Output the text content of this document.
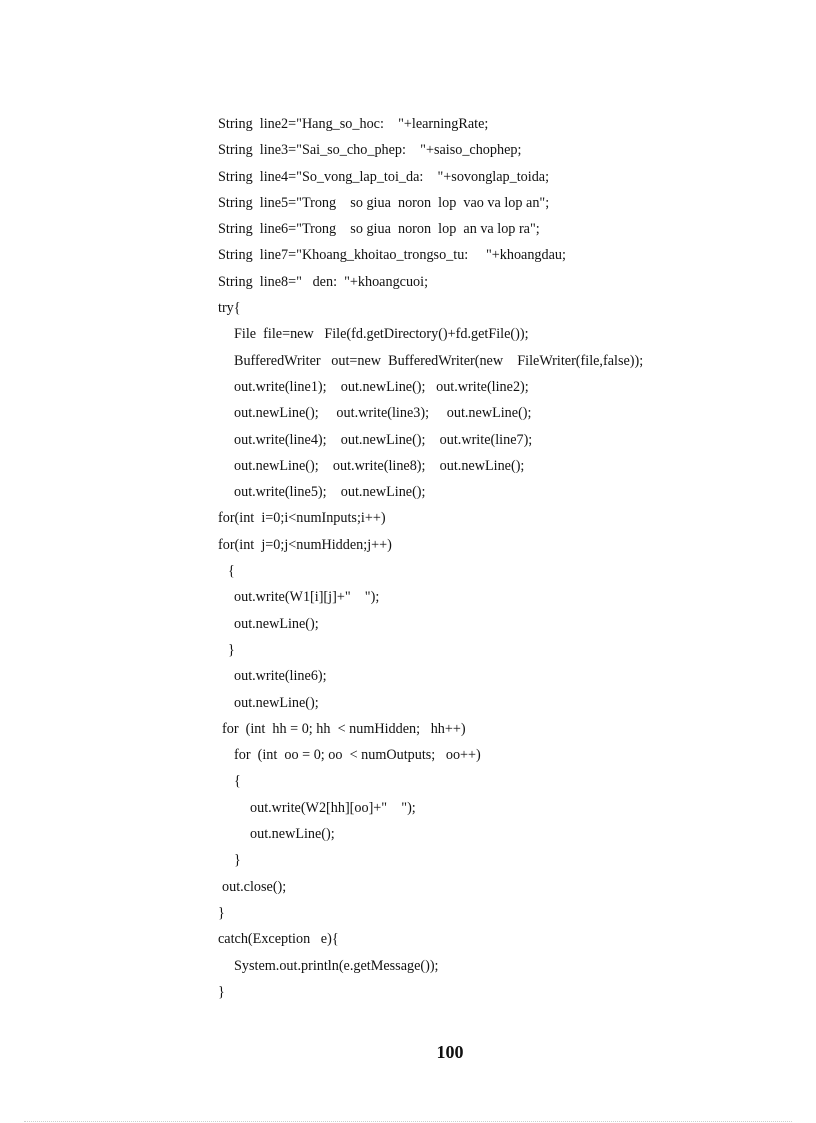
String  line2="Hang_so_hoc:    "+learningRate;
String  line3="Sai_so_cho_phep:    "+saiso_chophep;
String  line4="So_vong_lap_toi_da:    "+sovonglap_toida;
String  line5="Trong    so giua  noron  lop  vao va lop an";
String  line6="Trong    so giua  noron  lop  an va lop ra";
String  line7="Khoang_khoitao_trongso_tu:     "+khoangdau;
String  line8="   den:  "+khoangcuoi;
try{
File  file=new   File(fd.getDirectory()+fd.getFile());
BufferedWriter   out=new  BufferedWriter(new    FileWriter(file,false));
out.write(line1);    out.newLine();   out.write(line2);
out.newLine();     out.write(line3);     out.newLine();
out.write(line4);    out.newLine();    out.write(line7);
out.newLine();    out.write(line8);    out.newLine();
out.write(line5);    out.newLine();
for(int  i=0;i<numInputs;i++)
for(int  j=0;j<numHidden;j++)
{
out.write(W1[i][j]+"    ");
out.newLine();
}
out.write(line6);
out.newLine();
for  (int  hh = 0; hh  < numHidden;   hh++)
for  (int  oo = 0; oo  < numOutputs;   oo++)
{
out.write(W2[hh][oo]+"    ");
out.newLine();
}
out.close();
}
catch(Exception   e){
System.out.println(e.getMessage());
}
100
